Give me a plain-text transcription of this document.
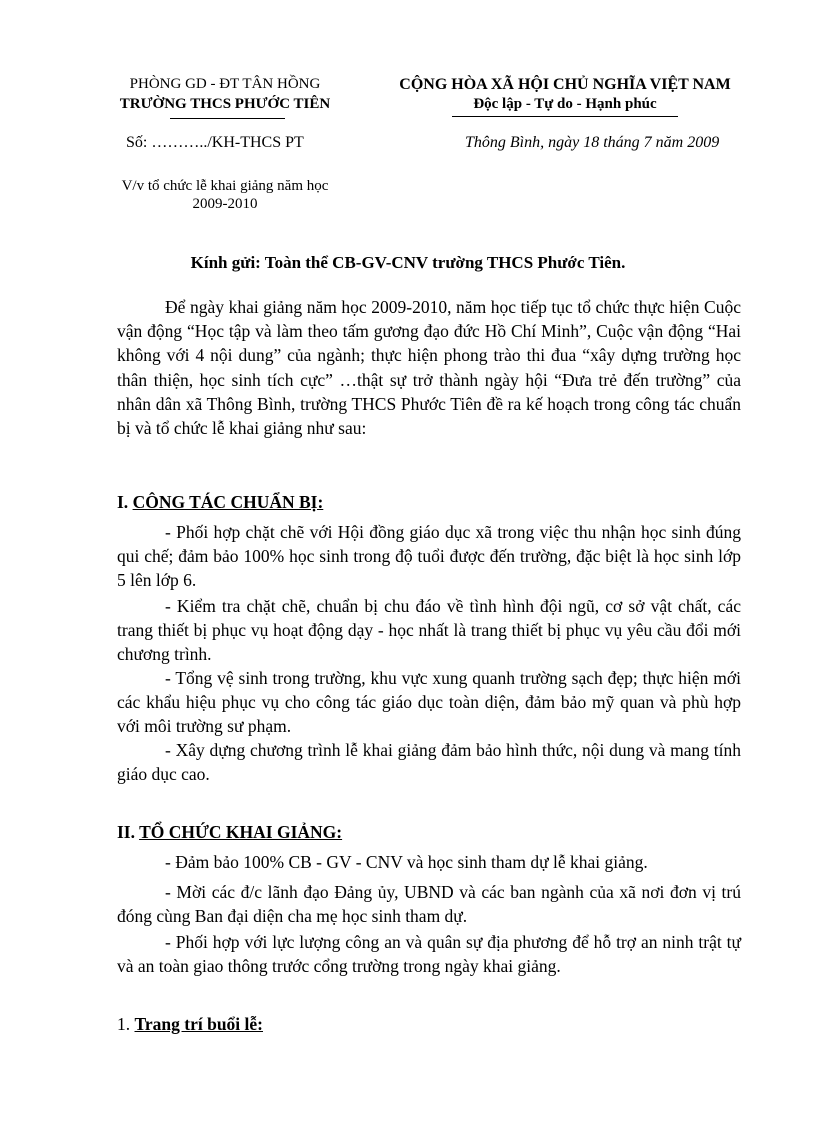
PHÒNG GD - ĐT TÂN HỒNG
TRƯỜNG THCS PHƯỚC TIÊN
Số: ………../KH-THCS PT
V/v tổ chức lễ khai giảng năm học
2009-2010
CỘNG HÒA XÃ HỘI CHỦ NGHĨA VIỆT NAM
Độc lập - Tự do - Hạnh phúc
Thông Bình, ngày 18 tháng 7 năm 2009
Kính gửi: Toàn thể CB-GV-CNV trường THCS Phước Tiên.

Để ngày khai giảng năm học 2009-2010, năm học tiếp tục tổ chức thực hiện Cuộc vận động “Học tập và làm theo tấm gương đạo đức Hồ Chí Minh”, Cuộc vận động “Hai không với 4 nội dung” của ngành; thực hiện phong trào thi đua “xây dựng trường học thân thiện, học sinh tích cực” …thật sự trở thành ngày hội “Đưa trẻ đến trường” của nhân dân xã Thông Bình, trường THCS Phước Tiên đề ra kế hoạch trong công tác chuẩn bị và tổ chức lễ khai giảng như sau:

I. CÔNG TÁC CHUẨN BỊ:

- Phối hợp chặt chẽ với Hội đồng giáo dục xã trong việc thu nhận học sinh đúng qui chế; đảm bảo 100% học sinh trong độ tuổi được đến trường, đặc biệt là học sinh lớp 5 lên lớp 6.

- Kiểm tra chặt chẽ, chuẩn bị chu đáo về tình hình đội ngũ, cơ sở vật chất, các trang thiết bị phục vụ hoạt động dạy - học nhất là trang thiết bị phục vụ yêu cầu đổi mới chương trình.

- Tổng vệ sinh trong trường, khu vực xung quanh trường sạch đẹp; thực hiện mới các khẩu hiệu phục vụ cho công tác giáo dục toàn diện, đảm bảo mỹ quan và phù hợp với môi trường sư phạm.

- Xây dựng chương trình lễ khai giảng đảm bảo hình thức, nội dung và mang tính giáo dục cao.

II. TỔ CHỨC KHAI GIẢNG:

- Đảm bảo 100% CB - GV - CNV và học sinh tham dự lễ khai giảng.

- Mời các đ/c lãnh đạo Đảng ủy, UBND và các ban ngành của xã nơi đơn vị trú đóng cùng Ban đại diện cha mẹ học sinh tham dự.

- Phối hợp với lực lượng công an và quân sự địa phương để hỗ trợ an ninh trật tự và an toàn giao thông trước cổng trường trong ngày khai giảng.

1. Trang trí buổi lễ:
